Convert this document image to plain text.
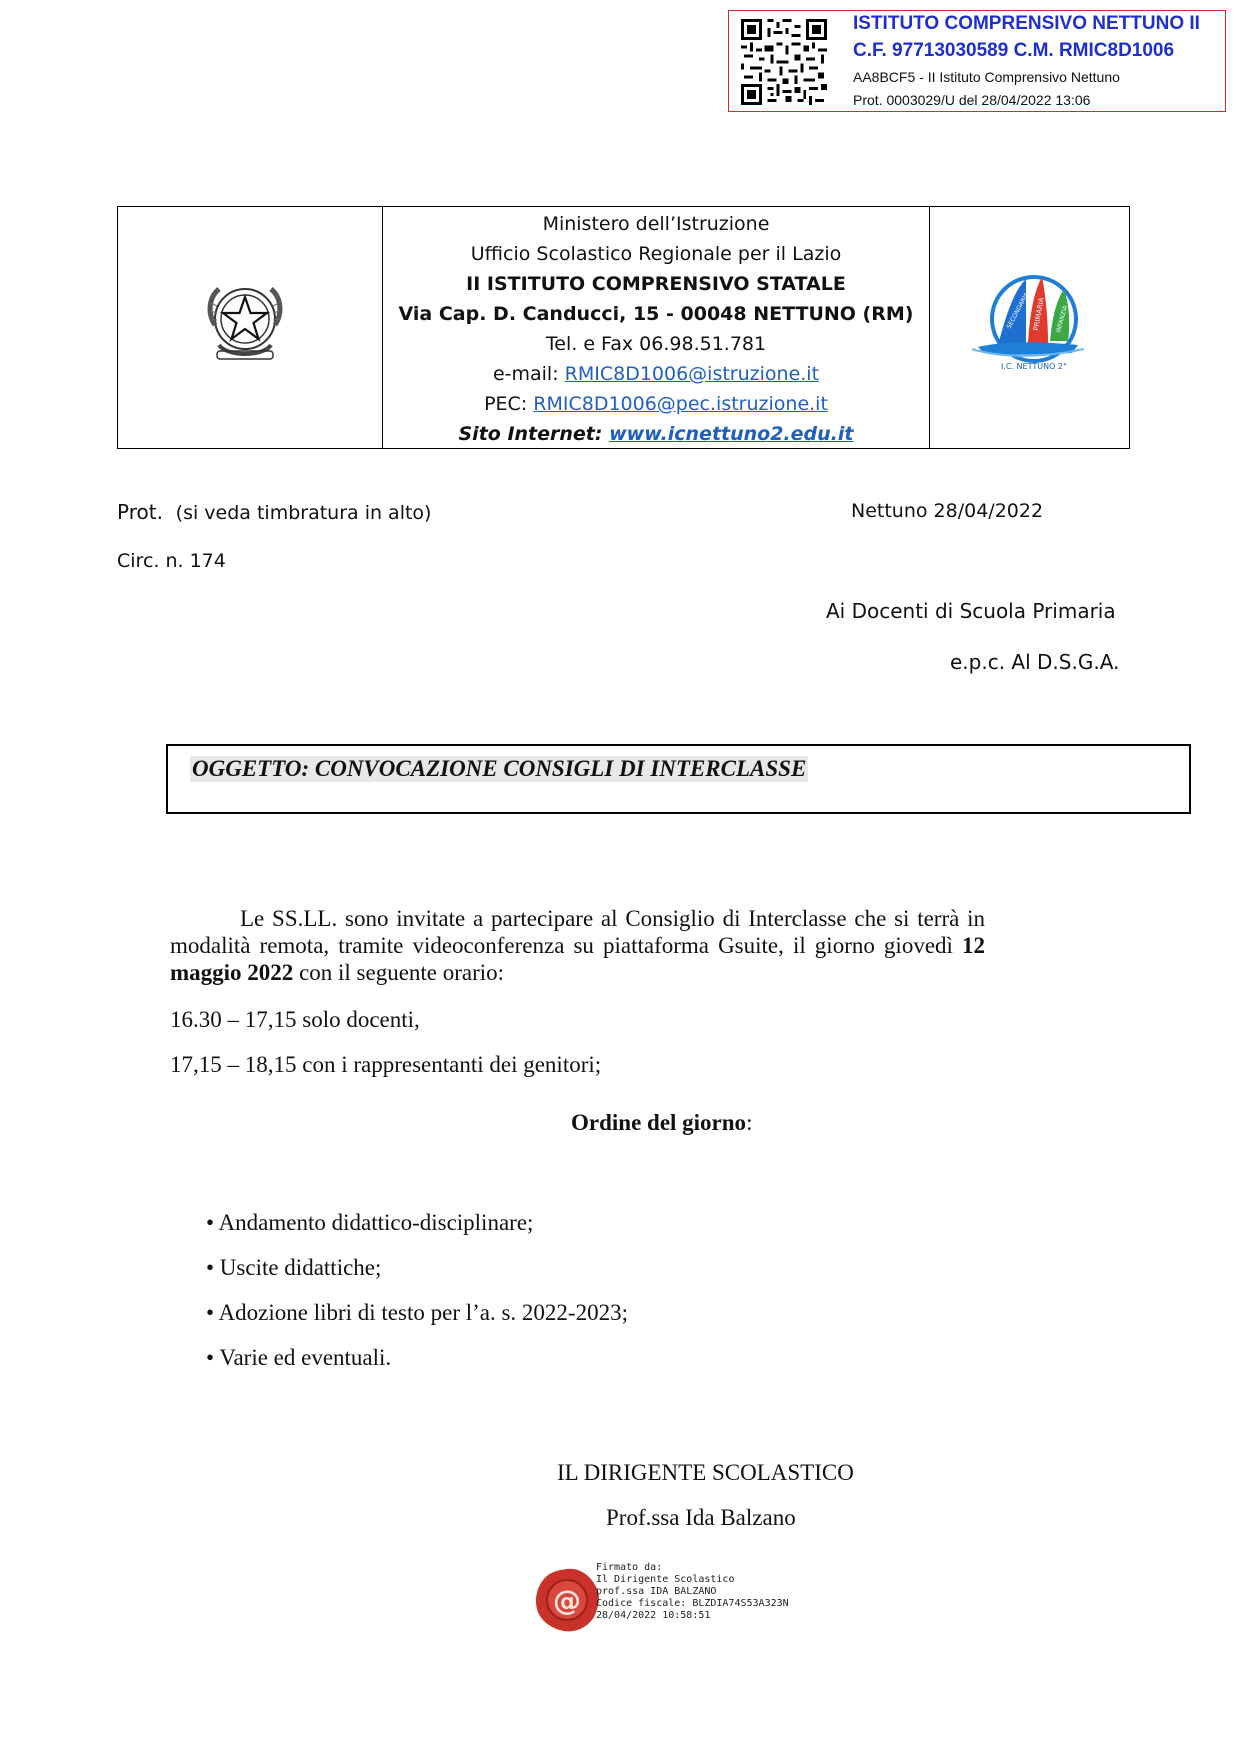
ISTITUTO COMPRENSIVO NETTUNO II
C.F. 97713030589 C.M. RMIC8D1006
AA8BCF5 - II Istituto Comprensivo Nettuno
Prot. 0003029/U del 28/04/2022 13:06
Ministero dell’Istruzione
Ufficio Scolastico Regionale per il Lazio
II ISTITUTO COMPRENSIVO STATALE
Via Cap. D. Canducci, 15 - 00048 NETTUNO (RM)
Tel. e Fax 06.98.51.781
e-mail: RMIC8D1006@istruzione.it
PEC: RMIC8D1006@pec.istruzione.it
Sito Internet: www.icnettuno2.edu.it
SECONDARIA PRIMARIA INFANZIA
I.C. NETTUNO 2°
Prot. (si veda timbratura in alto)	Nettuno 28/04/2022
Circ. n. 174
Ai Docenti di Scuola Primaria
e.p.c. Al D.S.G.A.
OGGETTO: CONVOCAZIONE CONSIGLI DI INTERCLASSE
Le SS.LL. sono invitate a partecipare al Consiglio di Interclasse che si terrà in modalità remota, tramite videoconferenza su piattaforma Gsuite, il giorno giovedì 12 maggio 2022 con il seguente orario:
16.30 – 17,15 solo docenti,
17,15 – 18,15 con i rappresentanti dei genitori;
Ordine del giorno:
• Andamento didattico-disciplinare;
• Uscite didattiche;
• Adozione libri di testo per l’a. s. 2022-2023;
• Varie ed eventuali.
IL DIRIGENTE SCOLASTICO
Prof.ssa Ida Balzano
@
Firmato da:
Il Dirigente Scolastico
prof.ssa IDA BALZANO
Codice fiscale: BLZDIA74S53A323N
28/04/2022 10:58:51
